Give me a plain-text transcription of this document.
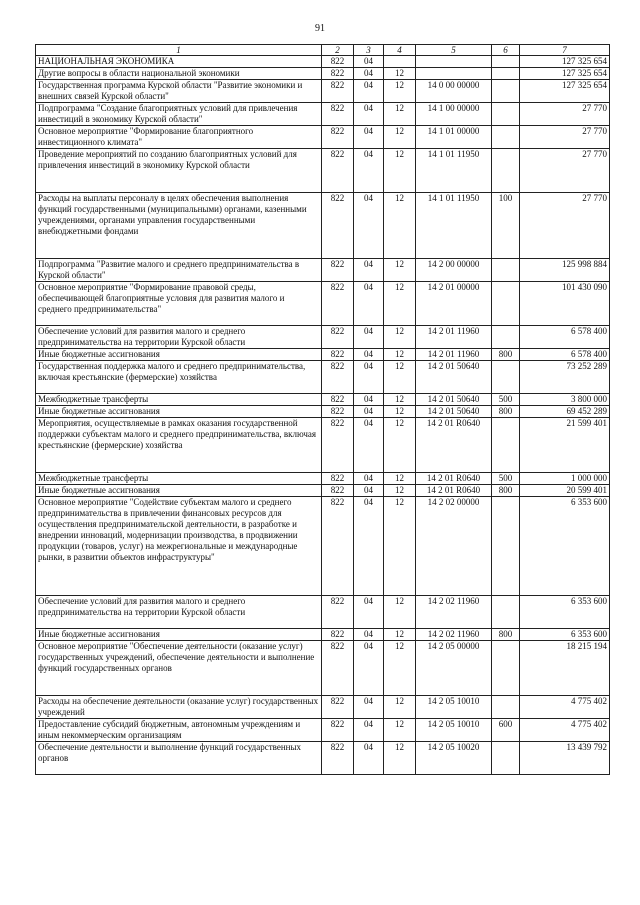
91
1	2	3	4	5	6	7
НАЦИОНАЛЬНАЯ ЭКОНОМИКА	822	04				127 325 654
Другие вопросы в области национальной экономики	822	04	12			127 325 654
Государственная программа Курской области "Развитие экономики и внешних связей Курской области"	822	04	12	14 0 00 00000		127 325 654
Подпрограмма "Создание благоприятных условий для привлечения инвестиций в экономику Курской области"	822	04	12	14 1 00 00000		27 770
Основное мероприятие "Формирование благоприятного инвестиционного климата"	822	04	12	14 1 01 00000		27 770
Проведение мероприятий по созданию благоприятных условий для привлечения инвестиций в экономику Курской области	822	04	12	14 1 01 11950		27 770
Расходы на выплаты персоналу в целях обеспечения выполнения функций государственными (муниципальными) органами, казенными учреждениями, органами управления государственными внебюджетными фондами	822	04	12	14 1 01 11950	100	27 770
Подпрограмма "Развитие малого и среднего предпринимательства в Курской области"	822	04	12	14 2 00 00000		125 998 884
Основное мероприятие "Формирование правовой среды, обеспечивающей благоприятные условия для развития малого и среднего предпринимательства"	822	04	12	14 2 01 00000		101 430 090
Обеспечение условий для развития малого и среднего предпринимательства на территории Курской области	822	04	12	14 2 01 11960		6 578 400
Иные бюджетные ассигнования	822	04	12	14 2 01 11960	800	6 578 400
Государственная поддержка малого и среднего предпринимательства, включая крестьянские (фермерские) хозяйства	822	04	12	14 2 01 50640		73 252 289
Межбюджетные трансферты	822	04	12	14 2 01 50640	500	3 800 000
Иные бюджетные ассигнования	822	04	12	14 2 01 50640	800	69 452 289
Мероприятия, осуществляемые в рамках оказания государственной поддержки субъектам малого и среднего предпринимательства, включая крестьянские (фермерские) хозяйства	822	04	12	14 2 01 R0640		21 599 401
Межбюджетные трансферты	822	04	12	14 2 01 R0640	500	1 000 000
Иные бюджетные ассигнования	822	04	12	14 2 01 R0640	800	20 599 401
Основное мероприятие "Содействие субъектам малого и среднего предпринимательства в привлечении финансовых ресурсов для осуществления предпринимательской деятельности, в разработке и внедрении инноваций, модернизации производства, в продвижении продукции (товаров, услуг) на межрегиональные и международные рынки, в развитии объектов инфраструктуры"	822	04	12	14 2 02 00000		6 353 600
Обеспечение условий для развития малого и среднего предпринимательства на территории Курской области	822	04	12	14 2 02 11960		6 353 600
Иные бюджетные ассигнования	822	04	12	14 2 02 11960	800	6 353 600
Основное мероприятие "Обеспечение деятельности (оказание услуг) государственных учреждений, обеспечение деятельности и выполнение функций государственных органов	822	04	12	14 2 05 00000		18 215 194
Расходы на обеспечение деятельности (оказание услуг) государственных учреждений	822	04	12	14 2 05 10010		4 775 402
Предоставление субсидий бюджетным, автономным учреждениям и иным некоммерческим организациям	822	04	12	14 2 05 10010	600	4 775 402
Обеспечение деятельности и выполнение функций государственных органов	822	04	12	14 2 05 10020		13 439 792
